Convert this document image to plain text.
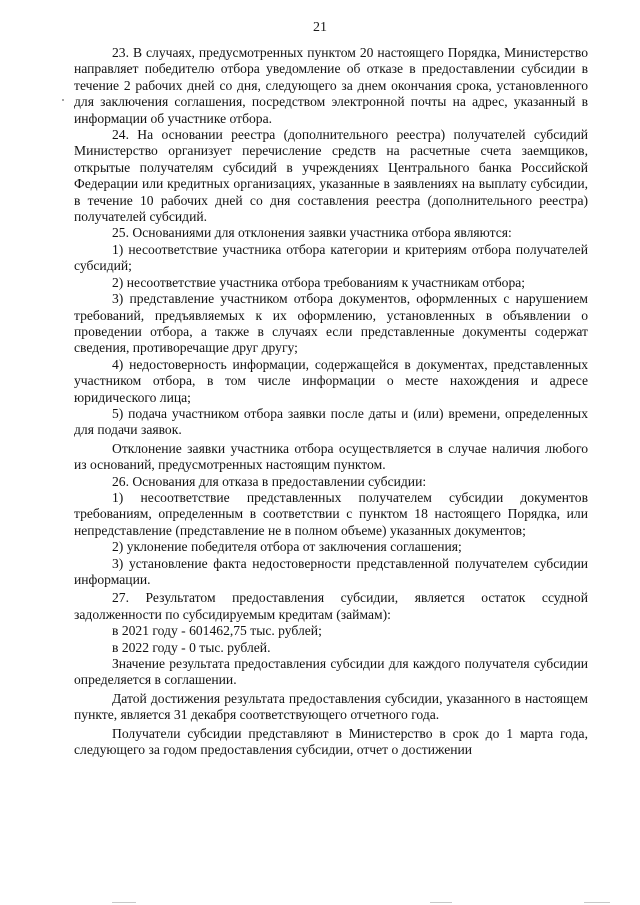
21

23. В случаях, предусмотренных пунктом 20 настоящего Порядка, Министерство направляет победителю отбора уведомление об отказе в предоставлении субсидии в течение 2 рабочих дней со дня, следующего за днем окончания срока, установленного для заключения соглашения, посредством электронной почты на адрес, указанный в информации об участнике отбора.

24. На основании реестра (дополнительного реестра) получателей субсидий Министерство организует перечисление средств на расчетные счета заемщиков, открытые получателям субсидий в учреждениях Центрального банка Российской Федерации или кредитных организациях, указанные в заявлениях на выплату субсидии, в течение 10 рабочих дней со дня составления реестра (дополнительного реестра) получателей субсидий.

25. Основаниями для отклонения заявки участника отбора являются:

1) несоответствие участника отбора категории и критериям отбора получателей субсидий;

2) несоответствие участника отбора требованиям к участникам отбора;

3) представление участником отбора документов, оформленных с нарушением требований, предъявляемых к их оформлению, установленных в объявлении о проведении отбора, а также в случаях если представленные документы содержат сведения, противоречащие друг другу;

4) недостоверность информации, содержащейся в документах, представленных участником отбора, в том числе информации о месте нахождения и адресе юридического лица;

5) подача участником отбора заявки после даты и (или) времени, определенных для подачи заявок.

Отклонение заявки участника отбора осуществляется в случае наличия любого из оснований, предусмотренных настоящим пунктом.

26. Основания для отказа в предоставлении субсидии:

1) несоответствие представленных получателем субсидии документов требованиям, определенным в соответствии с пунктом 18 настоящего Порядка, или непредставление (представление не в полном объеме) указанных документов;

2) уклонение победителя отбора от заключения соглашения;

3) установление факта недостоверности представленной получателем субсидии информации.

27. Результатом предоставления субсидии, является остаток ссудной задолженности по субсидируемым кредитам (займам):

в 2021 году - 601462,75 тыс. рублей;

в 2022 году - 0 тыс. рублей.

Значение результата предоставления субсидии для каждого получателя субсидии определяется в соглашении.

Датой достижения результата предоставления субсидии, указанного в настоящем пункте, является 31 декабря соответствующего отчетного года.

Получатели субсидии представляют в Министерство в срок до 1 марта года, следующего за годом предоставления субсидии, отчет о достижении
